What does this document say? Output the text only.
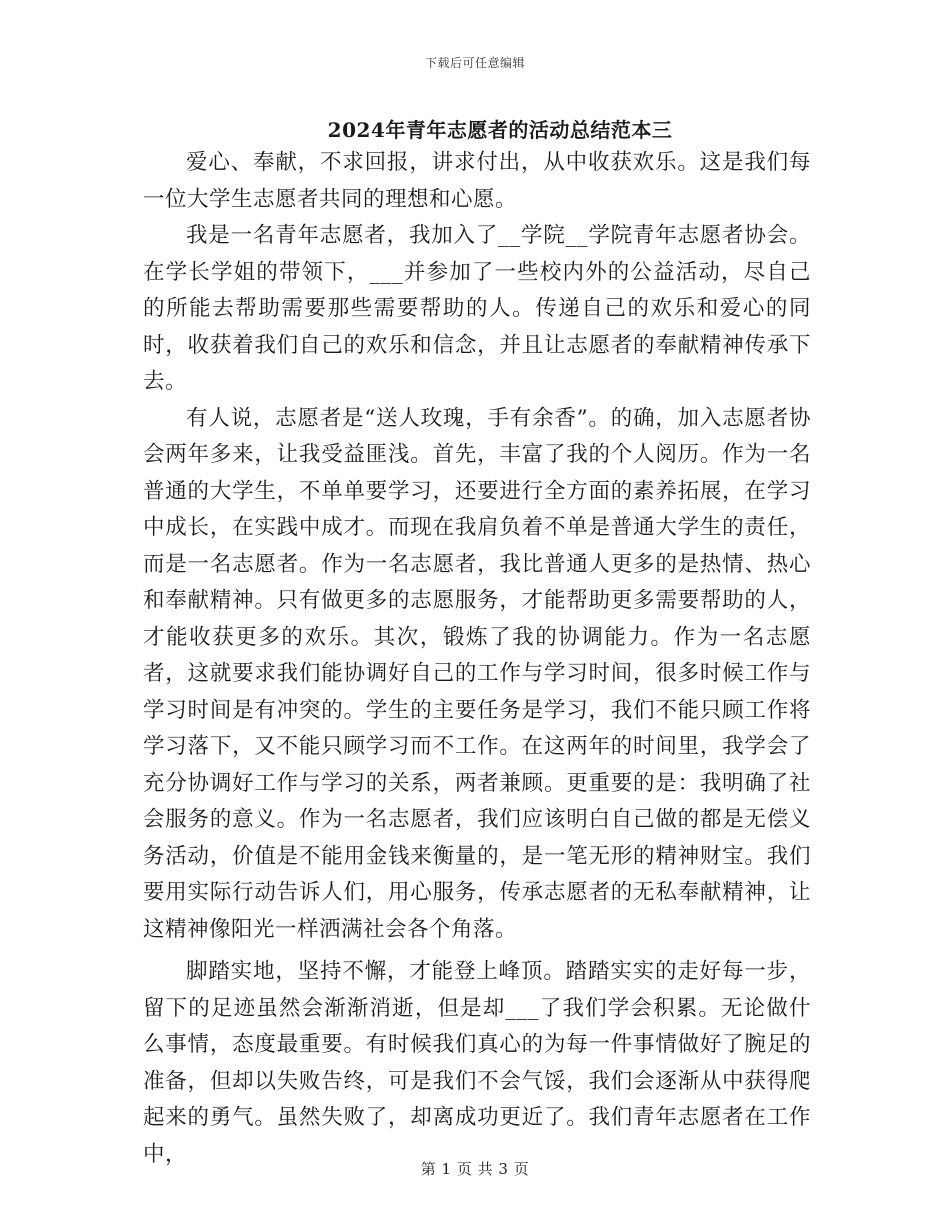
下载后可任意编辑
2024年青年志愿者的活动总结范本三

爱心、奉献，不求回报，讲求付出，从中收获欢乐。这是我们每一位大学生志愿者共同的理想和心愿。

我是一名青年志愿者，我加入了__学院__学院青年志愿者协会。在学长学姐的带领下，___并参加了一些校内外的公益活动，尽自己的所能去帮助需要那些需要帮助的人。传递自己的欢乐和爱心的同时，收获着我们自己的欢乐和信念，并且让志愿者的奉献精神传承下去。

有人说，志愿者是“送人玫瑰，手有余香”。的确，加入志愿者协会两年多来，让我受益匪浅。首先，丰富了我的个人阅历。作为一名普通的大学生，不单单要学习，还要进行全方面的素养拓展，在学习中成长，在实践中成才。而现在我肩负着不单是普通大学生的责任，而是一名志愿者。作为一名志愿者，我比普通人更多的是热情、热心和奉献精神。只有做更多的志愿服务，才能帮助更多需要帮助的人，才能收获更多的欢乐。其次，锻炼了我的协调能力。作为一名志愿者，这就要求我们能协调好自己的工作与学习时间，很多时候工作与学习时间是有冲突的。学生的主要任务是学习，我们不能只顾工作将学习落下，又不能只顾学习而不工作。在这两年的时间里，我学会了充分协调好工作与学习的关系，两者兼顾。更重要的是：我明确了社会服务的意义。作为一名志愿者，我们应该明白自己做的都是无偿义务活动，价值是不能用金钱来衡量的，是一笔无形的精神财宝。我们要用实际行动告诉人们，用心服务，传承志愿者的无私奉献精神，让这精神像阳光一样洒满社会各个角落。

脚踏实地，坚持不懈，才能登上峰顶。踏踏实实的走好每一步，留下的足迹虽然会渐渐消逝，但是却___了我们学会积累。无论做什么事情，态度最重要。有时候我们真心的为每一件事情做好了腕足的准备，但却以失败告终，可是我们不会气馁，我们会逐渐从中获得爬起来的勇气。虽然失败了，却离成功更近了。我们青年志愿者在工作中，

第 1 页 共 3 页
